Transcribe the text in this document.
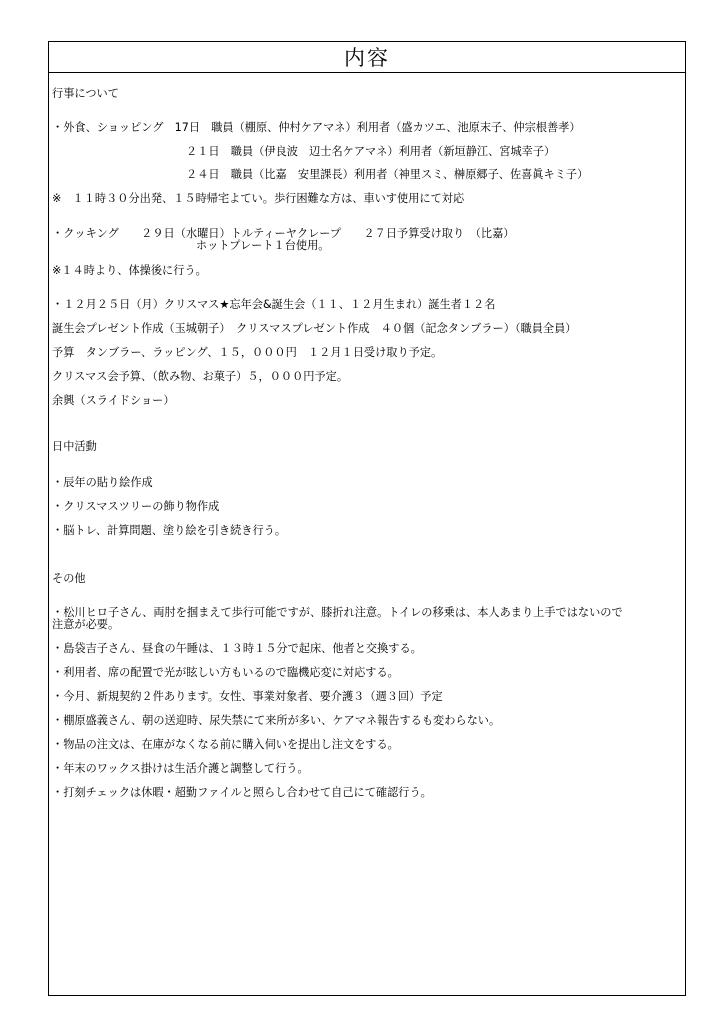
内容
行事について
・外食、ショッピング　17日　職員（棚原、仲村ケアマネ）利用者（盛カツエ、池原末子、仲宗根善孝）
２１日　職員（伊良波　辺士名ケアマネ）利用者（新垣静江、宮城幸子）
２４日　職員（比嘉　安里課長）利用者（神里スミ、榊原郷子、佐喜眞キミ子）
※　１１時３０分出発、１５時帰宅よてい。歩行困難な方は、車いす使用にて対応
・クッキング　　２９日（水曜日）トルティーヤクレープ　　２７日予算受け取り　（比嘉）
ホットプレート１台使用。
※１４時より、体操後に行う。
・１２月２５日（月）クリスマス★忘年会&誕生会（１１、１２月生まれ）誕生者１２名
誕生会プレゼント作成（玉城朝子）　クリスマスプレゼント作成　４０個（記念タンブラー）（職員全員）
予算　タンブラー、ラッピング、１５，０００円　１２月１日受け取り予定。
クリスマス会予算、（飲み物、お菓子）５，０００円予定。
余興（スライドショー）
日中活動
・辰年の貼り絵作成
・クリスマスツリーの飾り物作成
・脳トレ、計算問題、塗り絵を引き続き行う。
その他
・松川ヒロ子さん、両肘を掴まえて歩行可能ですが、膝折れ注意。トイレの移乗は、本人あまり上手ではないので
注意が必要。
・島袋吉子さん、昼食の午睡は、１３時１５分で起床、他者と交換する。
・利用者、席の配置で光が眩しい方もいるので臨機応変に対応する。
・今月、新規契約２件あります。女性、事業対象者、要介護３（週３回）予定
・棚原盛義さん、朝の送迎時、尿失禁にて来所が多い、ケアマネ報告するも変わらない。
・物品の注文は、在庫がなくなる前に購入伺いを提出し注文をする。
・年末のワックス掛けは生活介護と調整して行う。
・打刻チェックは休暇・超勤ファイルと照らし合わせて自己にて確認行う。
